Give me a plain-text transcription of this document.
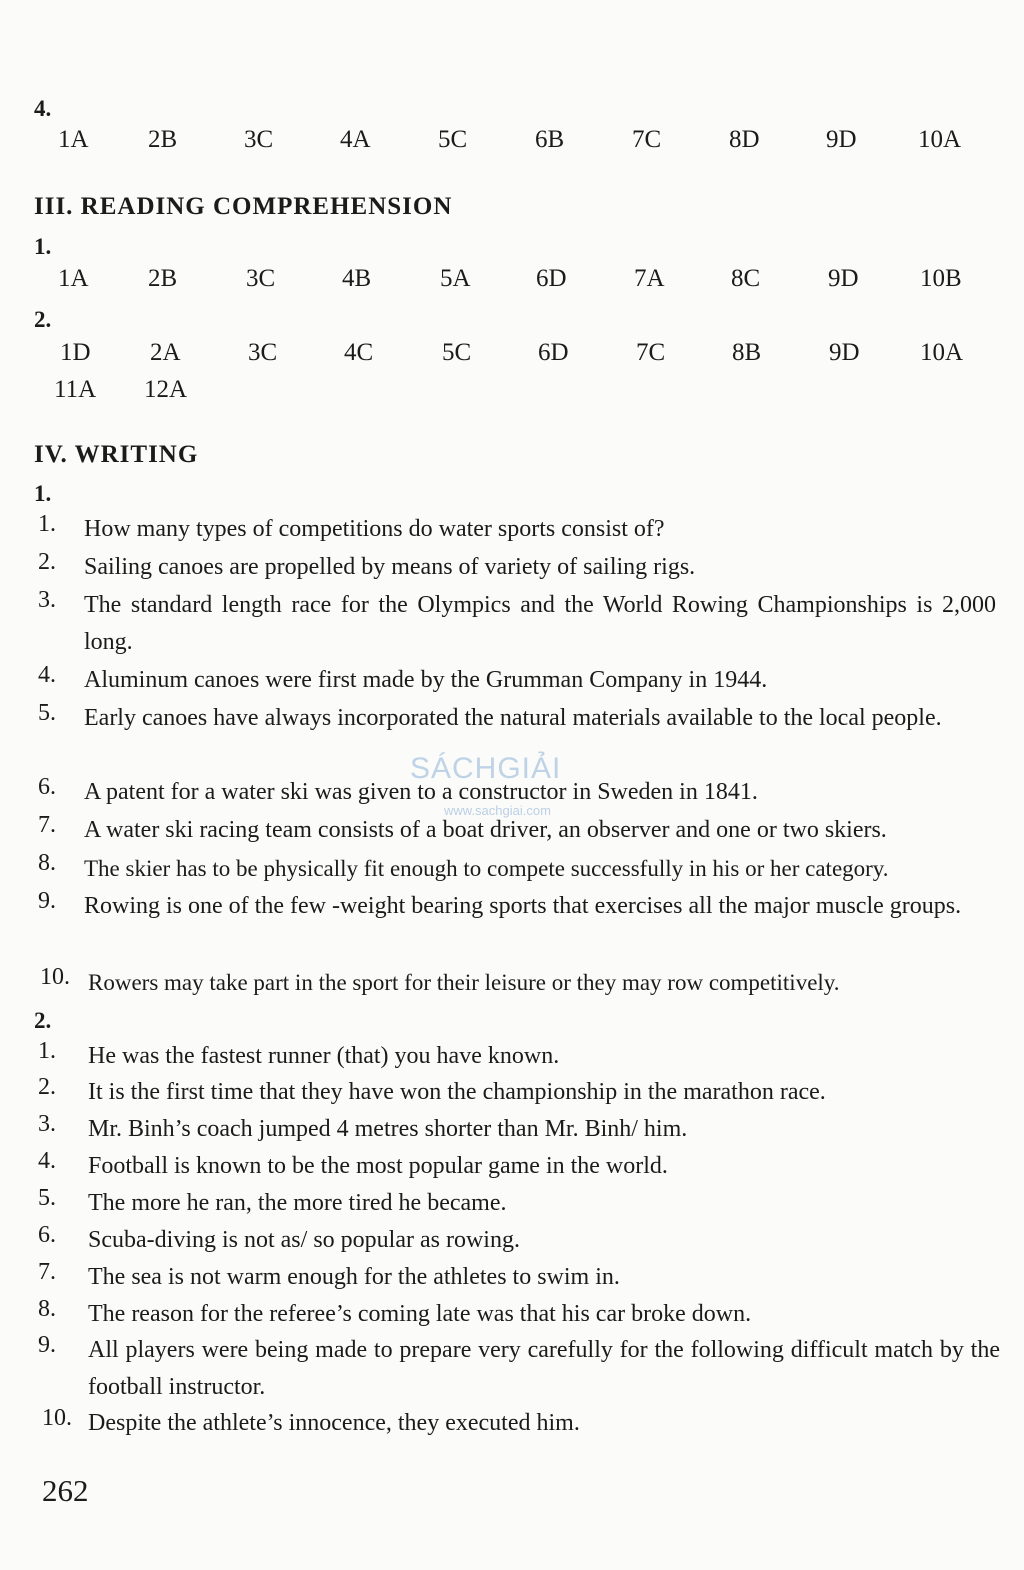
4.
1A 2B	3C	4A	5C	6B	7C	8D	9D 10A
III. READING COMPREHENSION
1.
1A 2B	3C	4B	5A	6D	7A	8C	9D 10B
2.
1D 2A	3C	4C	5C	6D	7C	8B	9D 10A
11A 12A
IV. WRITING
1.
1. How many types of competitions do water sports consist of?
2. Sailing canoes are propelled by means of variety of sailing rigs.
3. The standard length race for the Olympics and the World Rowing Championships is 2,000 long.
4. Aluminum canoes were first made by the Grumman Company in 1944.
5. Early canoes have always incorporated the natural materials available to the local people.
6. A patent for a water ski was given to a constructor in Sweden in 1841.
7. A water ski racing team consists of a boat driver, an observer and one or two skiers.
8. The skier has to be physically fit enough to compete successfully in his or her category.
9. Rowing is one of the few -weight bearing sports that exercises all the major muscle groups.
10. Rowers may take part in the sport for their leisure or they may row competitively.
2.
1. He was the fastest runner (that) you have known.
2. It is the first time that they have won the championship in the marathon race.
3. Mr. Binh’s coach jumped 4 metres shorter than Mr. Binh/ him.
4. Football is known to be the most popular game in the world.
5. The more he ran, the more tired he became.
6. Scuba-diving is not as/ so popular as rowing.
7. The sea is not warm enough for the athletes to swim in.
8. The reason for the referee’s coming late was that his car broke down.
9. All players were being made to prepare very carefully for the following difficult match by the football instructor.
10. Despite the athlete’s innocence, they executed him.
SÁCHGIẢI
www.sachgiai.com
262
